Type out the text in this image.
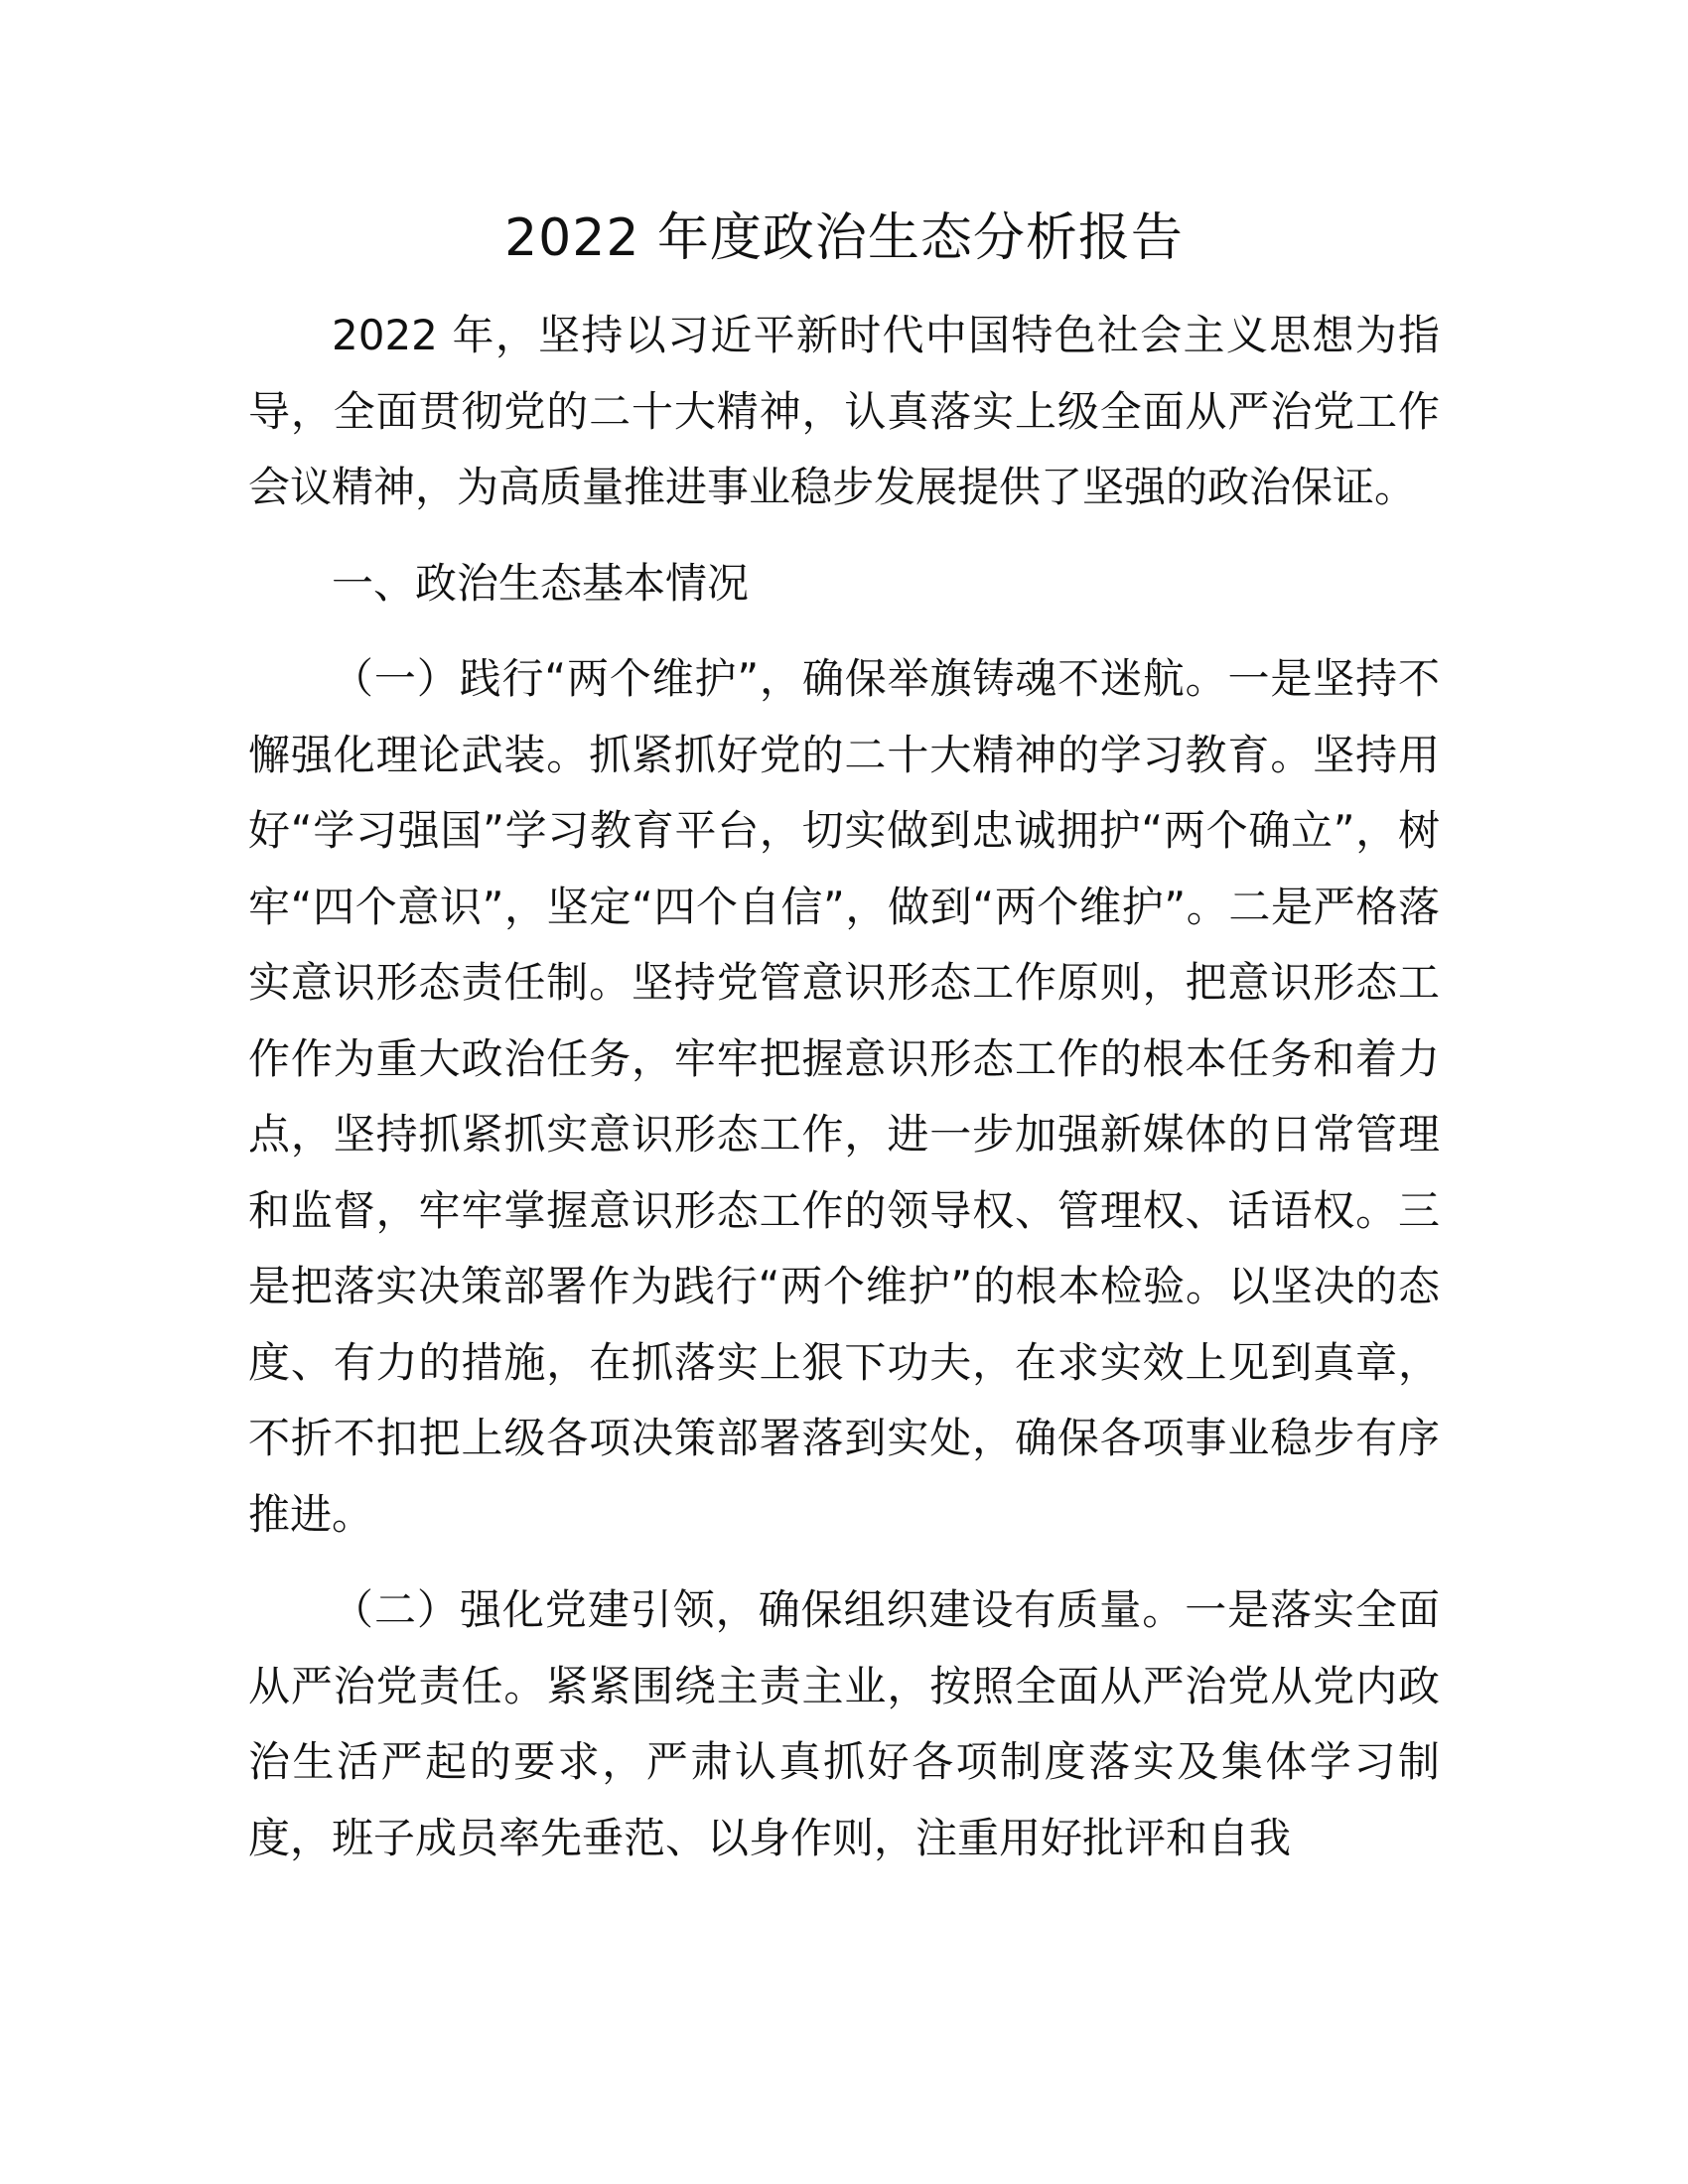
2022 年度政治生态分析报告

2022 年，坚持以习近平新时代中国特色社会主义思想为指导，全面贯彻党的二十大精神，认真落实上级全面从严治党工作会议精神，为高质量推进事业稳步发展提供了坚强的政治保证。

一、政治生态基本情况

（一）践行“两个维护”，确保举旗铸魂不迷航。一是坚持不懈强化理论武装。抓紧抓好党的二十大精神的学习教育。坚持用好“学习强国”学习教育平台，切实做到忠诚拥护“两个确立”，树牢“四个意识”，坚定“四个自信”，做到“两个维护”。二是严格落实意识形态责任制。坚持党管意识形态工作原则，把意识形态工作作为重大政治任务，牢牢把握意识形态工作的根本任务和着力点，坚持抓紧抓实意识形态工作，进一步加强新媒体的日常管理和监督，牢牢掌握意识形态工作的领导权、管理权、话语权。三是把落实决策部署作为践行“两个维护”的根本检验。以坚决的态度、有力的措施，在抓落实上狠下功夫，在求实效上见到真章，不折不扣把上级各项决策部署落到实处，确保各项事业稳步有序推进。

（二）强化党建引领，确保组织建设有质量。一是落实全面从严治党责任。紧紧围绕主责主业，按照全面从严治党从党内政治生活严起的要求，严肃认真抓好各项制度落实及集体学习制度，班子成员率先垂范、以身作则，注重用好批评和自我
